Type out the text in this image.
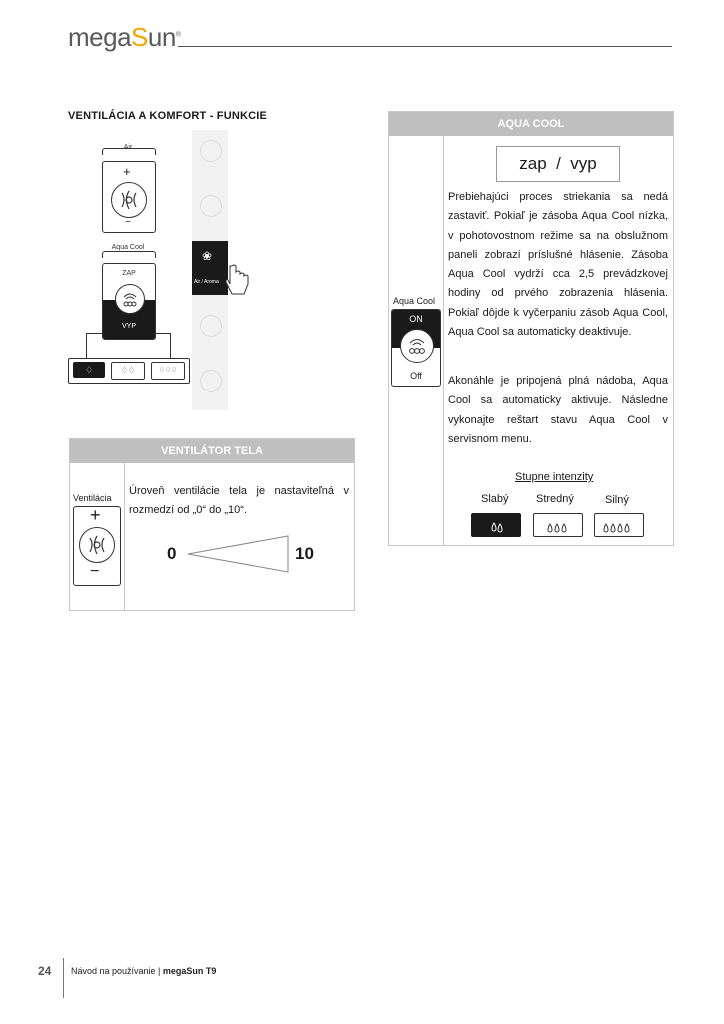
megaSun®
VENTILÁCIA A KOMFORT - FUNKCIE
Air
+
−
Aqua Cool
ZAP
VYP
♢	♢♢	♢♢♢
❀
Air / Aroma
VENTILÁTOR TELA
Ventilácia
+
−
Úroveň ventilácie tela je nastaviteľná v rozmedzí od „0“ do „10“.
0	10
AQUA COOL
Aqua Cool
ON
Off
zap  /  vyp
Prebiehajúci proces striekania sa nedá zastaviť. Pokiaľ je zásoba Aqua Cool nízka, v pohotovostnom režime sa na obslužnom paneli zobrazí príslušné hlásenie. Zásoba Aqua Cool vydrží cca 2,5 prevádzkovej hodiny od prvého zobrazenia hlásenia. Pokiaľ dôjde k vyčerpaniu zásob Aqua Cool, Aqua Cool sa automaticky deaktivuje.
Akonáhle je pripojená plná nádoba, Aqua Cool sa automaticky aktivuje. Následne vykonajte reštart stavu Aqua Cool v servisnom menu.
Stupne intenzity
Slabý Stredný	Silný
24 Návod na používanie | megaSun T9
